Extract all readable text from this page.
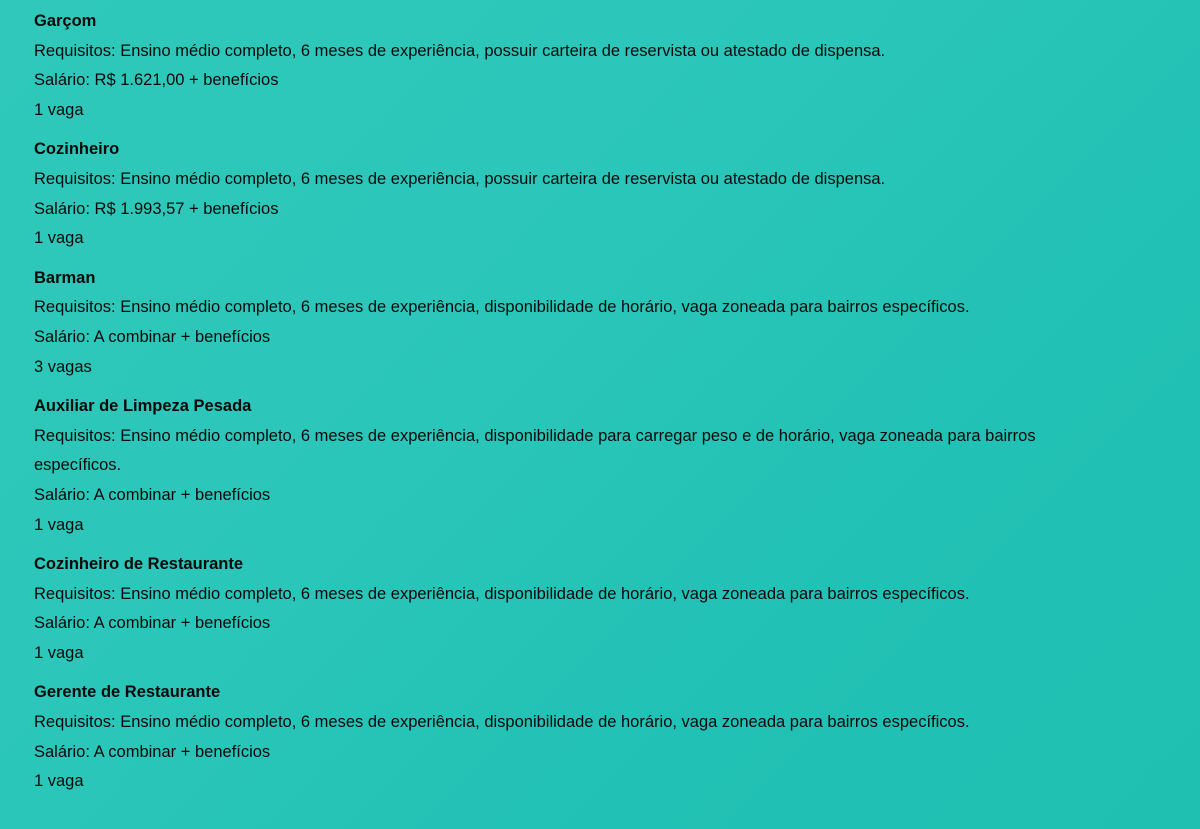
Garçom

Requisitos: Ensino médio completo, 6 meses de experiência, possuir carteira de reservista ou atestado de dispensa.

Salário: R$ 1.621,00 + benefícios

1 vaga

Cozinheiro

Requisitos: Ensino médio completo, 6 meses de experiência, possuir carteira de reservista ou atestado de dispensa.

Salário: R$ 1.993,57 + benefícios

1 vaga

Barman

Requisitos: Ensino médio completo, 6 meses de experiência, disponibilidade de horário, vaga zoneada para bairros específicos.

Salário: A combinar + benefícios

3 vagas

Auxiliar de Limpeza Pesada

Requisitos: Ensino médio completo, 6 meses de experiência, disponibilidade para carregar peso e de horário, vaga zoneada para bairros específicos.

Salário: A combinar + benefícios

1 vaga

Cozinheiro de Restaurante

Requisitos: Ensino médio completo, 6 meses de experiência, disponibilidade de horário, vaga zoneada para bairros específicos.

Salário: A combinar + benefícios

1 vaga

Gerente de Restaurante

Requisitos: Ensino médio completo, 6 meses de experiência, disponibilidade de horário, vaga zoneada para bairros específicos.

Salário: A combinar + benefícios

1 vaga
